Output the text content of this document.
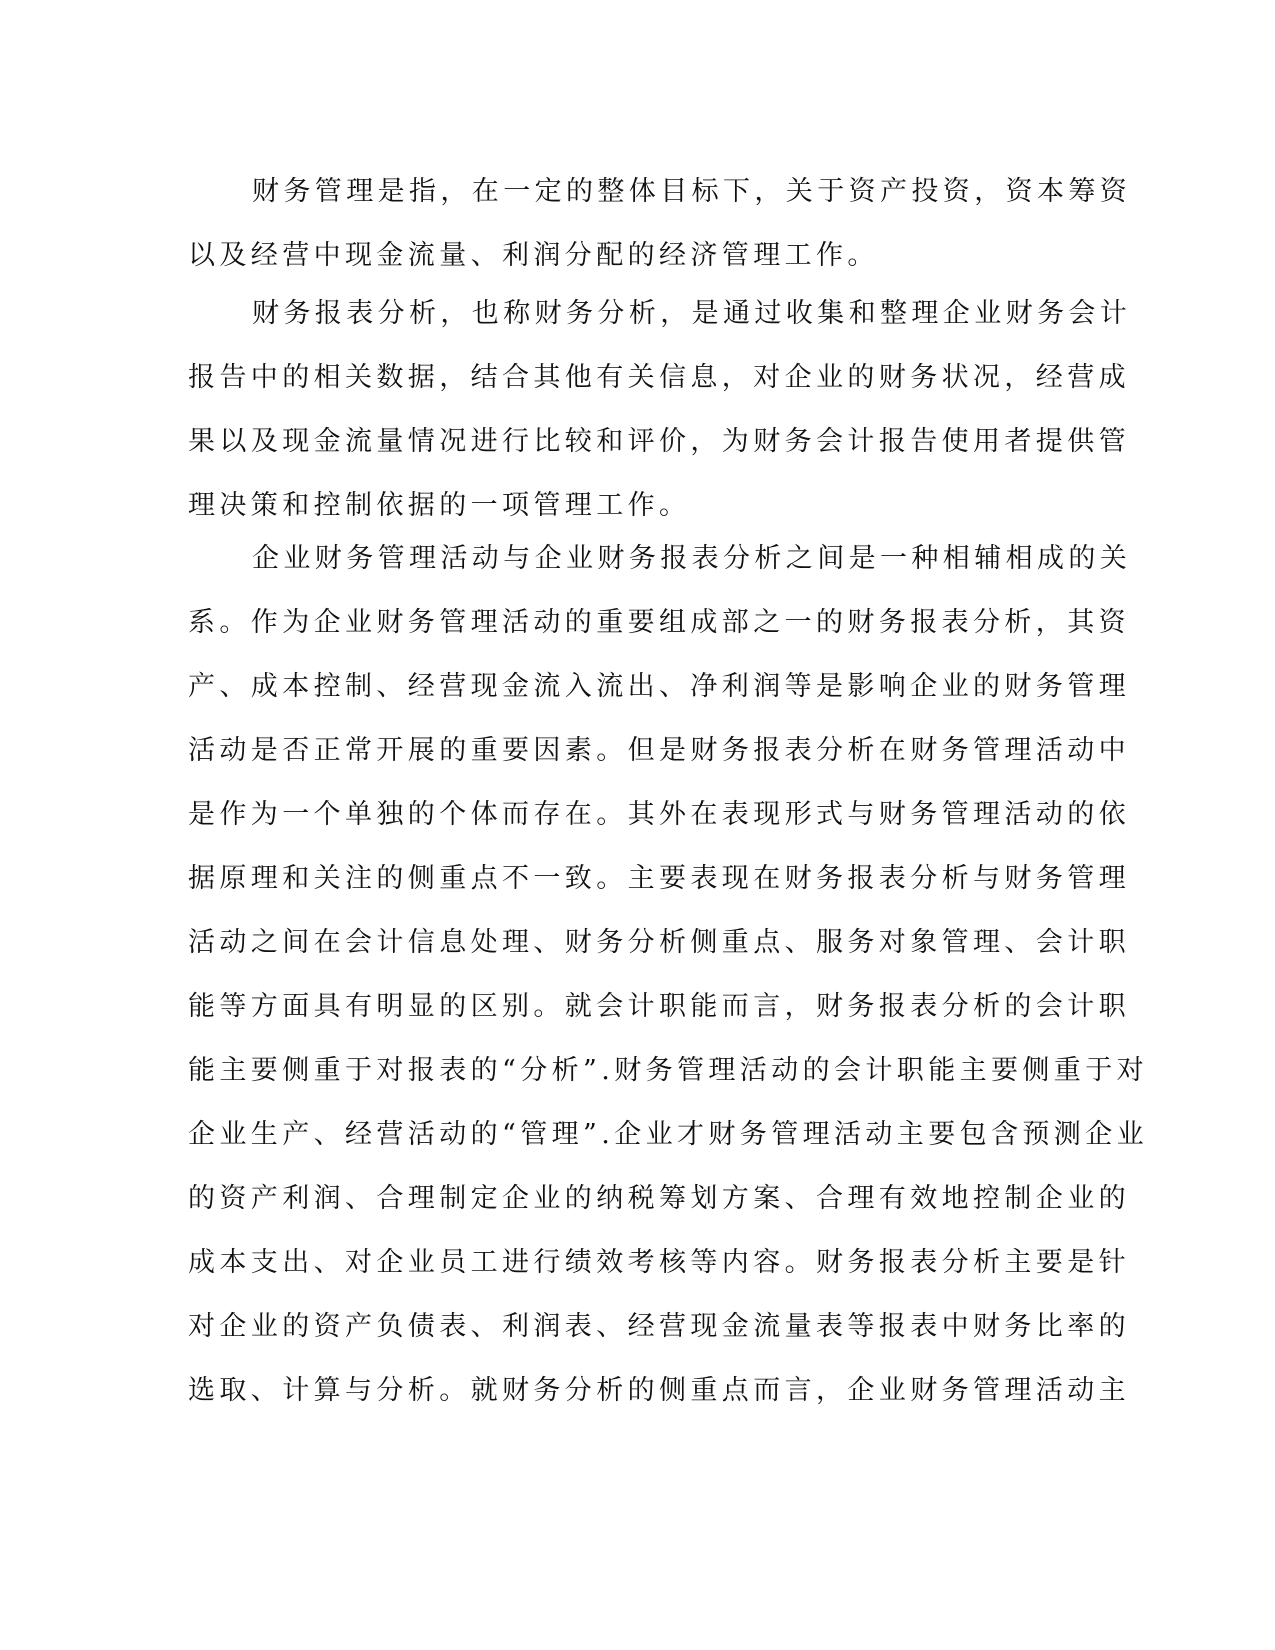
财务管理是指，在一定的整体目标下，关于资产投资，资本筹资
以及经营中现金流量、利润分配的经济管理工作。
财务报表分析，也称财务分析，是通过收集和整理企业财务会计
报告中的相关数据，结合其他有关信息，对企业的财务状况，经营成
果以及现金流量情况进行比较和评价，为财务会计报告使用者提供管
理决策和控制依据的一项管理工作。
企业财务管理活动与企业财务报表分析之间是一种相辅相成的关
系。作为企业财务管理活动的重要组成部之一的财务报表分析，其资
产、成本控制、经营现金流入流出、净利润等是影响企业的财务管理
活动是否正常开展的重要因素。但是财务报表分析在财务管理活动中
是作为一个单独的个体而存在。其外在表现形式与财务管理活动的依
据原理和关注的侧重点不一致。主要表现在财务报表分析与财务管理
活动之间在会计信息处理、财务分析侧重点、服务对象管理、会计职
能等方面具有明显的区别。就会计职能而言，财务报表分析的会计职
能主要侧重于对报表的“分析”.财务管理活动的会计职能主要侧重于对
企业生产、经营活动的“管理”.企业才财务管理活动主要包含预测企业
的资产利润、合理制定企业的纳税筹划方案、合理有效地控制企业的
成本支出、对企业员工进行绩效考核等内容。财务报表分析主要是针
对企业的资产负债表、利润表、经营现金流量表等报表中财务比率的
选取、计算与分析。就财务分析的侧重点而言，企业财务管理活动主
